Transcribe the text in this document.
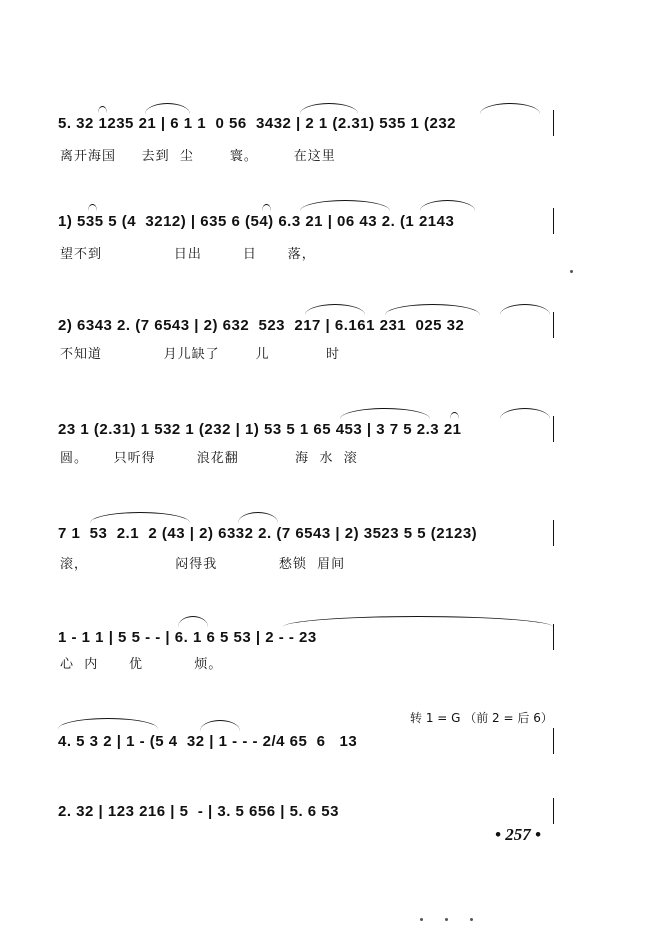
5. 32 1235 21 | 6 1 1  0 56  3432 | 2 1 (2.31) 535 1 (232
离开海国     去到  尘       寰。       在这里
1) 535 5 (4  3212) | 635 6 (54) 6.3 21 | 06 43 2. (1 2143
望不到              日出        日      落，
2) 6343 2. (7 6543 | 2) 632  523  217 | 6.161 231  025 32
不知道            月儿缺了       儿           时
23 1 (2.31) 1 532 1 (232 | 1) 53 5 1 65 453 | 3 7 5 2.3 21
圆。     只听得        浪花翻           海  水  滚
7 1  53  2.1  2 (43 | 2) 6332 2. (7 6543 | 2) 3523 5 5 (2123)
滚，                 闷得我            愁锁  眉间
1 - 1 1 | 5 5 - - | 6. 1 6 5 53 | 2 - - 23
心  内      优          烦。
转 1 = G （前 2 = 后 6）
4. 5 3 2 | 1 - (5 4  32 | 1 - - - 2/4 65  6   13
2. 32 | 123 216 | 5  - | 3. 5 656 | 5. 6 53
• 257 •
